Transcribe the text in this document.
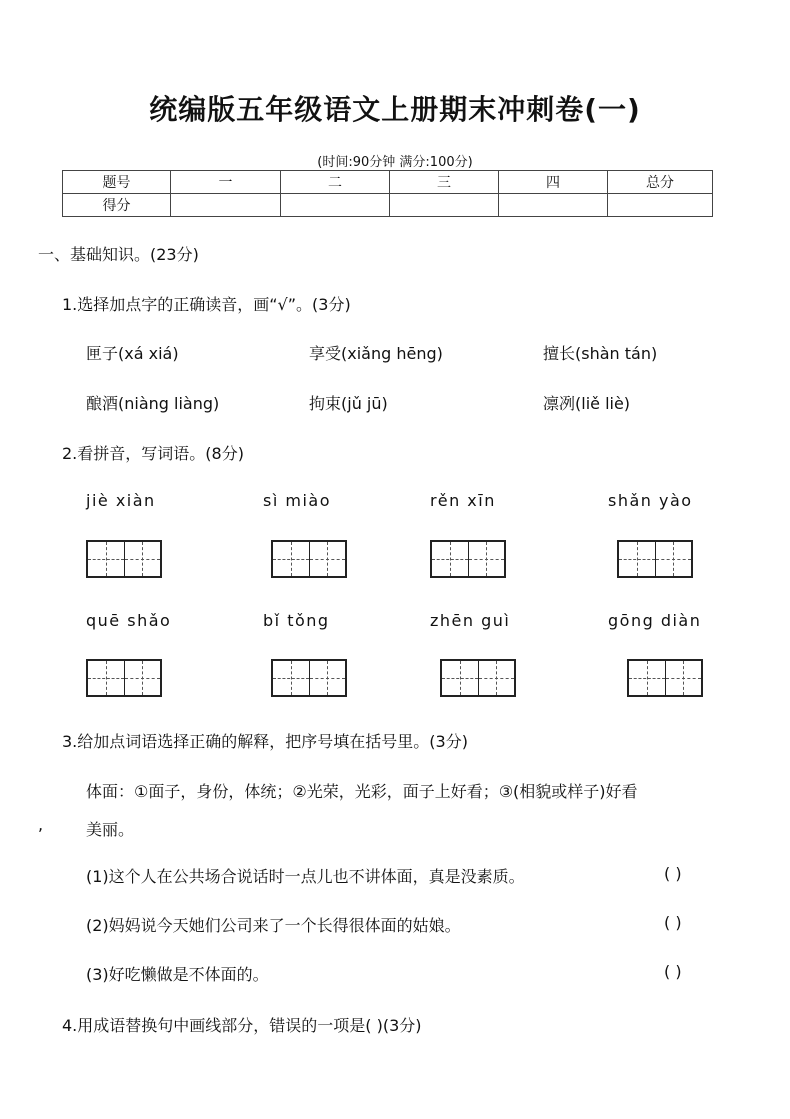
统编版五年级语文上册期末冲刺卷(一)
(时间:90分钟 满分:100分)
题号	一	二	三	四	总分
得分					
一、基础知识。(23分)
1.选择加点字的正确读音，画“√”。(3分)
匣子(xá xiá)	享受(xiǎng hēng)	擅长(shàn tán)
酿酒(niàng liàng)	拘束(jǔ jū)	凛冽(liě liè)
2.看拼音，写词语。(8分)
jiè xiàn	sì miào	rěn xīn	shǎn yào
quē shǎo	bǐ tǒng	zhēn guì	gōng diàn
3.给加点词语选择正确的解释，把序号填在括号里。(3分)
体面：①面子，身份，体统；②光荣，光彩，面子上好看；③(相貌或样子)好看
,	美丽。
(1)这个人在公共场合说话时一点儿也不讲体面，真是没素质。	( )
(2)妈妈说今天她们公司来了一个长得很体面的姑娘。	( )
(3)好吃懒做是不体面的。	( )
4.用成语替换句中画线部分，错误的一项是( )(3分)
